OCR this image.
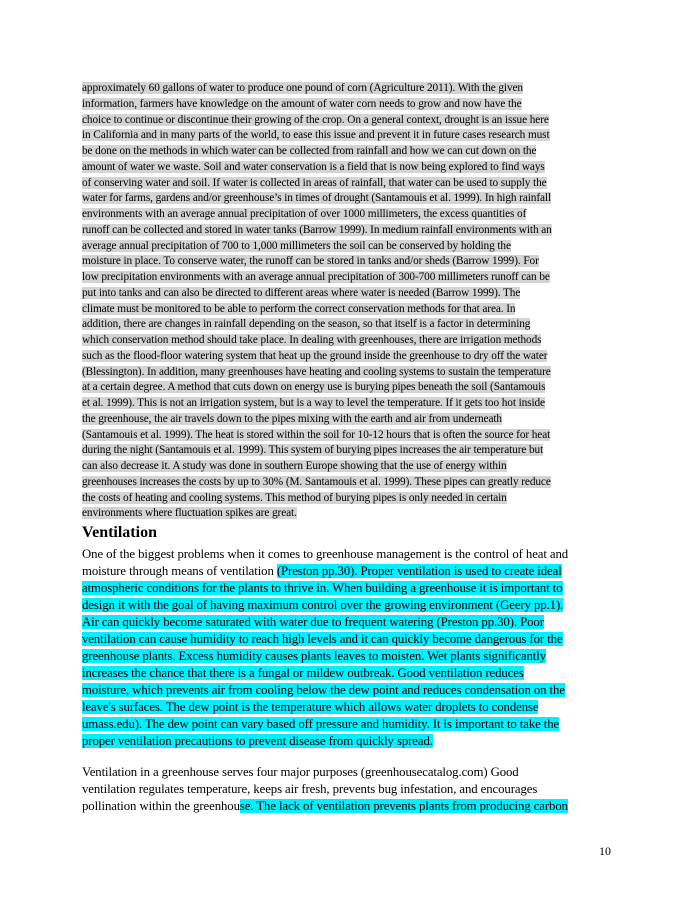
approximately 60 gallons of water to produce one pound of corn (Agriculture 2011). With the given
information, farmers have knowledge on the amount of water corn needs to grow and now have the
choice to continue or discontinue their growing of the crop. On a general context, drought is an issue here
in California and in many parts of the world, to ease this issue and prevent it in future cases research must
be done on the methods in which water can be collected from rainfall and how we can cut down on the
amount of water we waste. Soil and water conservation is a field that is now being explored to find ways
of conserving water and soil. If water is collected in areas of rainfall, that water can be used to supply the
water for farms, gardens and/or greenhouse’s in times of drought (Santamouis et al. 1999). In high rainfall
environments with an average annual precipitation of over 1000 millimeters, the excess quantities of
runoff can be collected and stored in water tanks (Barrow 1999). In medium rainfall environments with an
average annual precipitation of 700 to 1,000 millimeters the soil can be conserved by holding the
moisture in place. To conserve water, the runoff can be stored in tanks and/or sheds (Barrow 1999). For
low precipitation environments with an average annual precipitation of 300-700 millimeters runoff can be
put into tanks and can also be directed to different areas where water is needed (Barrow 1999). The
climate must be monitored to be able to perform the correct conservation methods for that area. In
addition, there are changes in rainfall depending on the season, so that itself is a factor in determining
which conservation method should take place. In dealing with greenhouses, there are irrigation methods
such as the flood-floor watering system that heat up the ground inside the greenhouse to dry off the water
(Blessington). In addition, many greenhouses have heating and cooling systems to sustain the temperature
at a certain degree. A method that cuts down on energy use is burying pipes beneath the soil (Santamouis
et al. 1999). This is not an irrigation system, but is a way to level the temperature. If it gets too hot inside
the greenhouse, the air travels down to the pipes mixing with the earth and air from underneath
(Santamouis et al. 1999). The heat is stored within the soil for 10-12 hours that is often the source for heat
during the night (Santamouis et al. 1999). This system of burying pipes increases the air temperature but
can also decrease it. A study was done in southern Europe showing that the use of energy within
greenhouses increases the costs by up to 30% (M. Santamouis et al. 1999). These pipes can greatly reduce
the costs of heating and cooling systems. This method of burying pipes is only needed in certain
environments where fluctuation spikes are great.
Ventilation
One of the biggest problems when it comes to greenhouse management is the control of heat and
moisture through means of ventilation (Preston pp.30). Proper ventilation is used to create ideal
atmospheric conditions for the plants to thrive in. When building a greenhouse it is important to
design it with the goal of having maximum control over the growing environment (Geery pp.1).
Air can quickly become saturated with water due to frequent watering (Preston pp.30). Poor
ventilation can cause humidity to reach high levels and it can quickly become dangerous for the
greenhouse plants. Excess humidity causes plants leaves to moisten. Wet plants significantly
increases the chance that there is a fungal or mildew outbreak. Good ventilation reduces
moisture, which prevents air from cooling below the dew point and reduces condensation on the
leave's surfaces. The dew point is the temperature which allows water droplets to condense
umass.edu). The dew point can vary based off pressure and humidity. It is important to take the
proper ventilation precautions to prevent disease from quickly spread.
Ventilation in a greenhouse serves four major purposes (greenhousecatalog.com) Good
ventilation regulates temperature, keeps air fresh, prevents bug infestation, and encourages
pollination within the greenhouse. The lack of ventilation prevents plants from producing carbon
10
